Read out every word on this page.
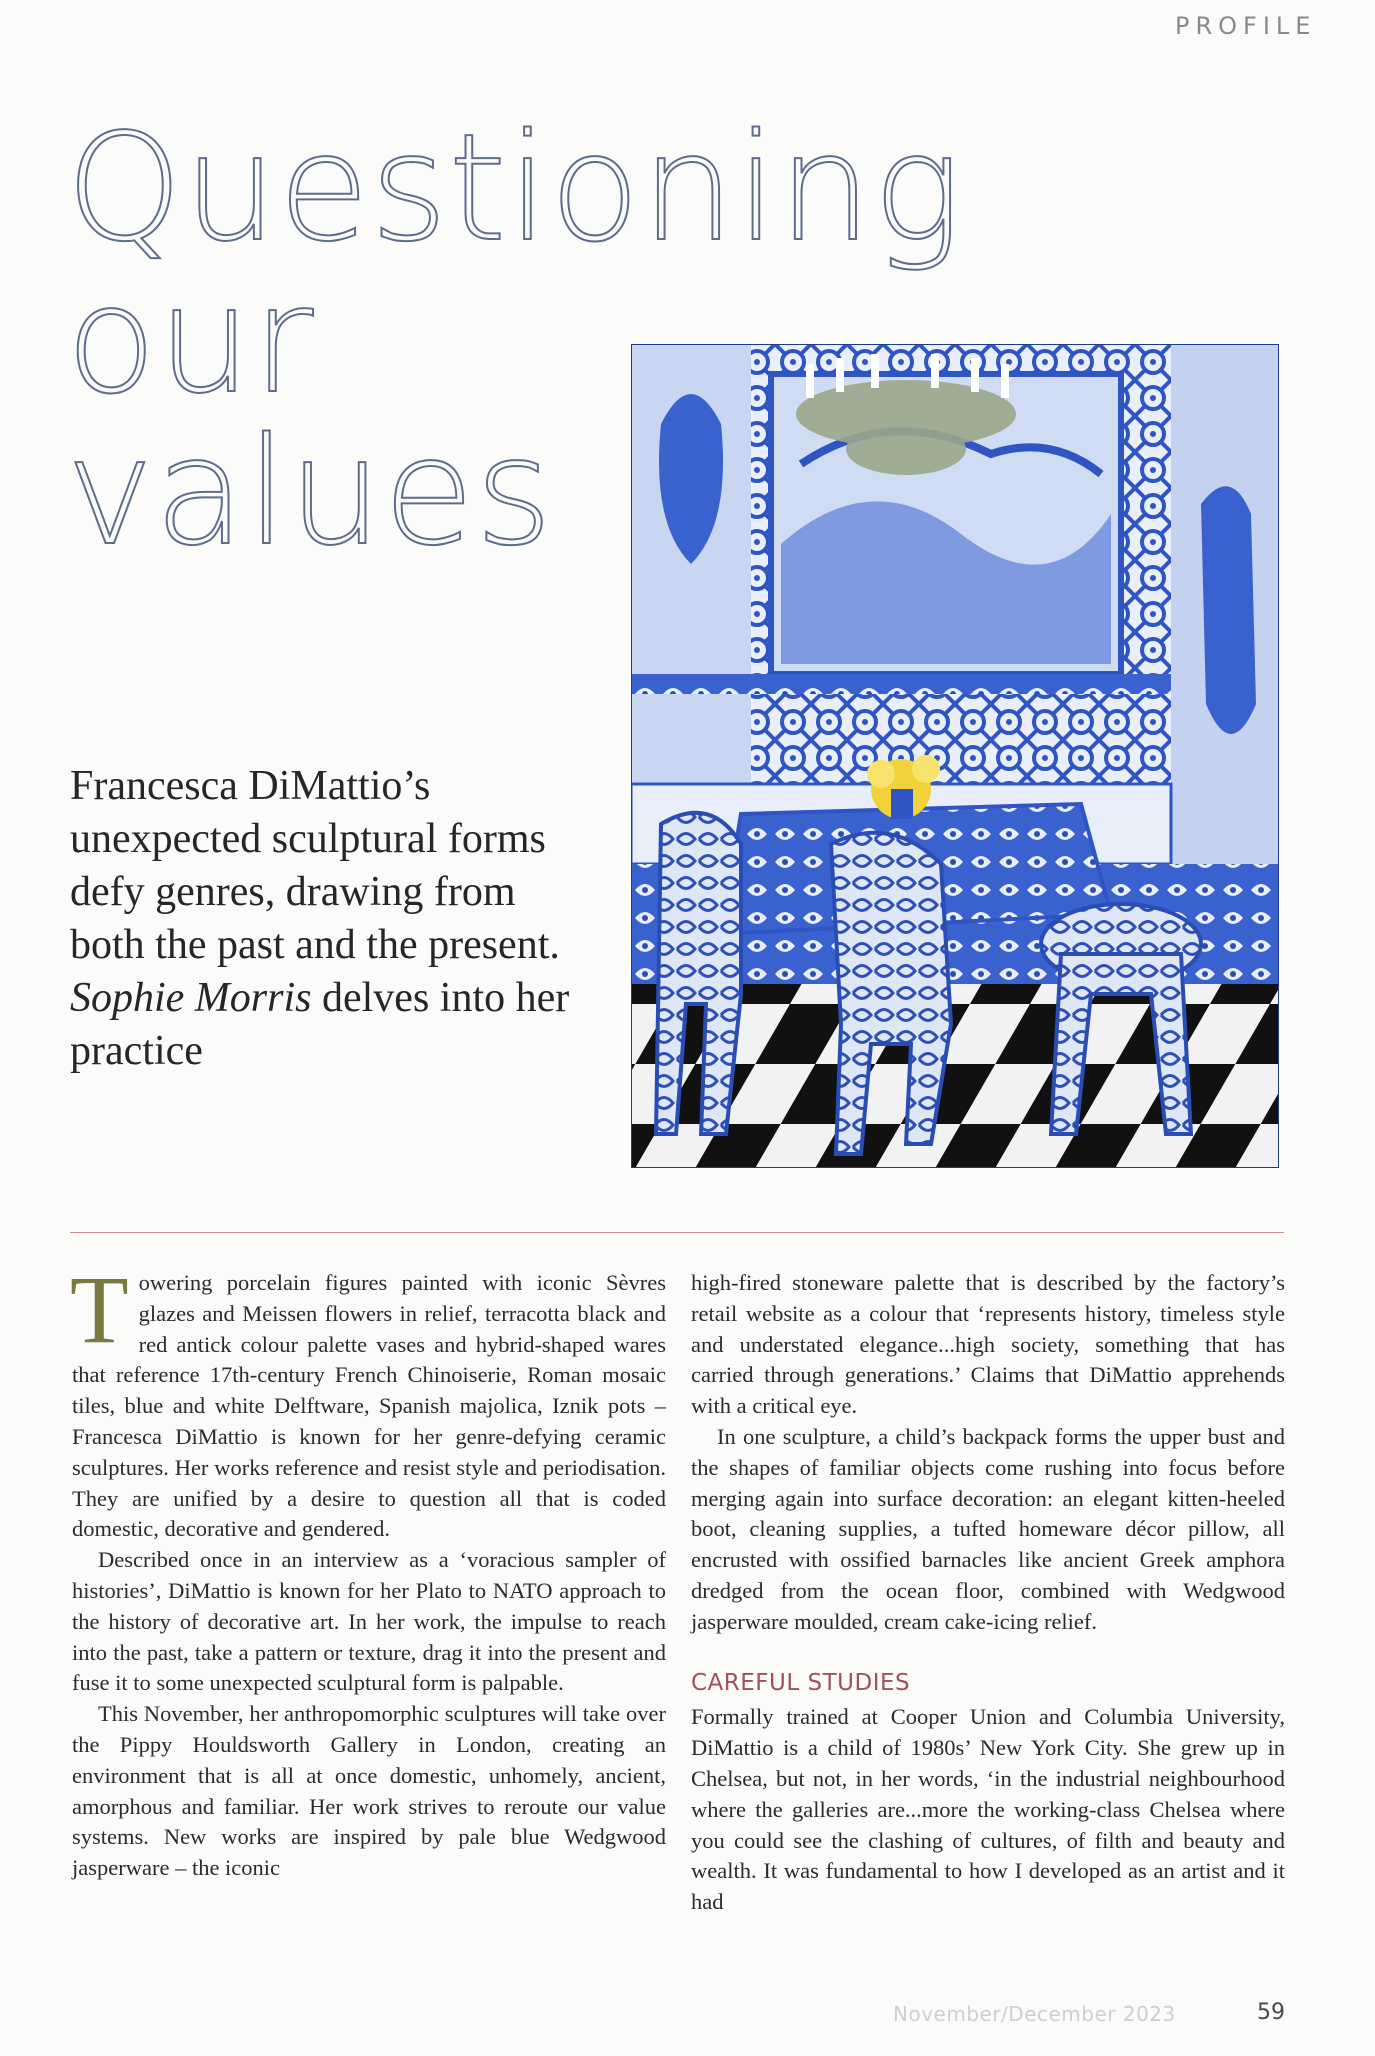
PROFILE
Questioning
our
values

Francesca DiMattio’s unexpected sculptural forms defy genres, drawing from both the past and the present. Sophie Morris delves into her practice

Towering porcelain figures painted with iconic Sèvres glazes and Meissen flowers in relief, terracotta black and red antick colour palette vases and hybrid-shaped wares that reference 17th-century French Chinoiserie, Roman mosaic tiles, blue and white Delftware, Spanish majolica, Iznik pots – Francesca DiMattio is known for her genre-defying ceramic sculptures. Her works reference and resist style and periodisation. They are unified by a desire to question all that is coded domestic, decorative and gendered.

Described once in an interview as a ‘voracious sampler of histories’, DiMattio is known for her Plato to NATO approach to the history of decorative art. In her work, the impulse to reach into the past, take a pattern or texture, drag it into the present and fuse it to some unexpected sculptural form is palpable.

This November, her anthropomorphic sculptures will take over the Pippy Houldsworth Gallery in London, creating an environment that is all at once domestic, unhomely, ancient, amorphous and familiar. Her work strives to reroute our value systems. New works are inspired by pale blue Wedgwood jasperware – the iconic

high-fired stoneware palette that is described by the factory’s retail website as a colour that ‘represents history, timeless style and understated elegance...high society, something that has carried through generations.’ Claims that DiMattio apprehends with a critical eye.

In one sculpture, a child’s backpack forms the upper bust and the shapes of familiar objects come rushing into focus before merging again into surface decoration: an elegant kitten-heeled boot, cleaning supplies, a tufted homeware décor pillow, all encrusted with ossified barnacles like ancient Greek amphora dredged from the ocean floor, combined with Wedgwood jasperware moulded, cream cake-icing relief.

CAREFUL STUDIES

Formally trained at Cooper Union and Columbia University, DiMattio is a child of 1980s’ New York City. She grew up in Chelsea, but not, in her words, ‘in the industrial neighbourhood where the galleries are...more the working-class Chelsea where you could see the clashing of cultures, of filth and beauty and wealth. It was fundamental to how I developed as an artist and it had

November/December 2023	59
